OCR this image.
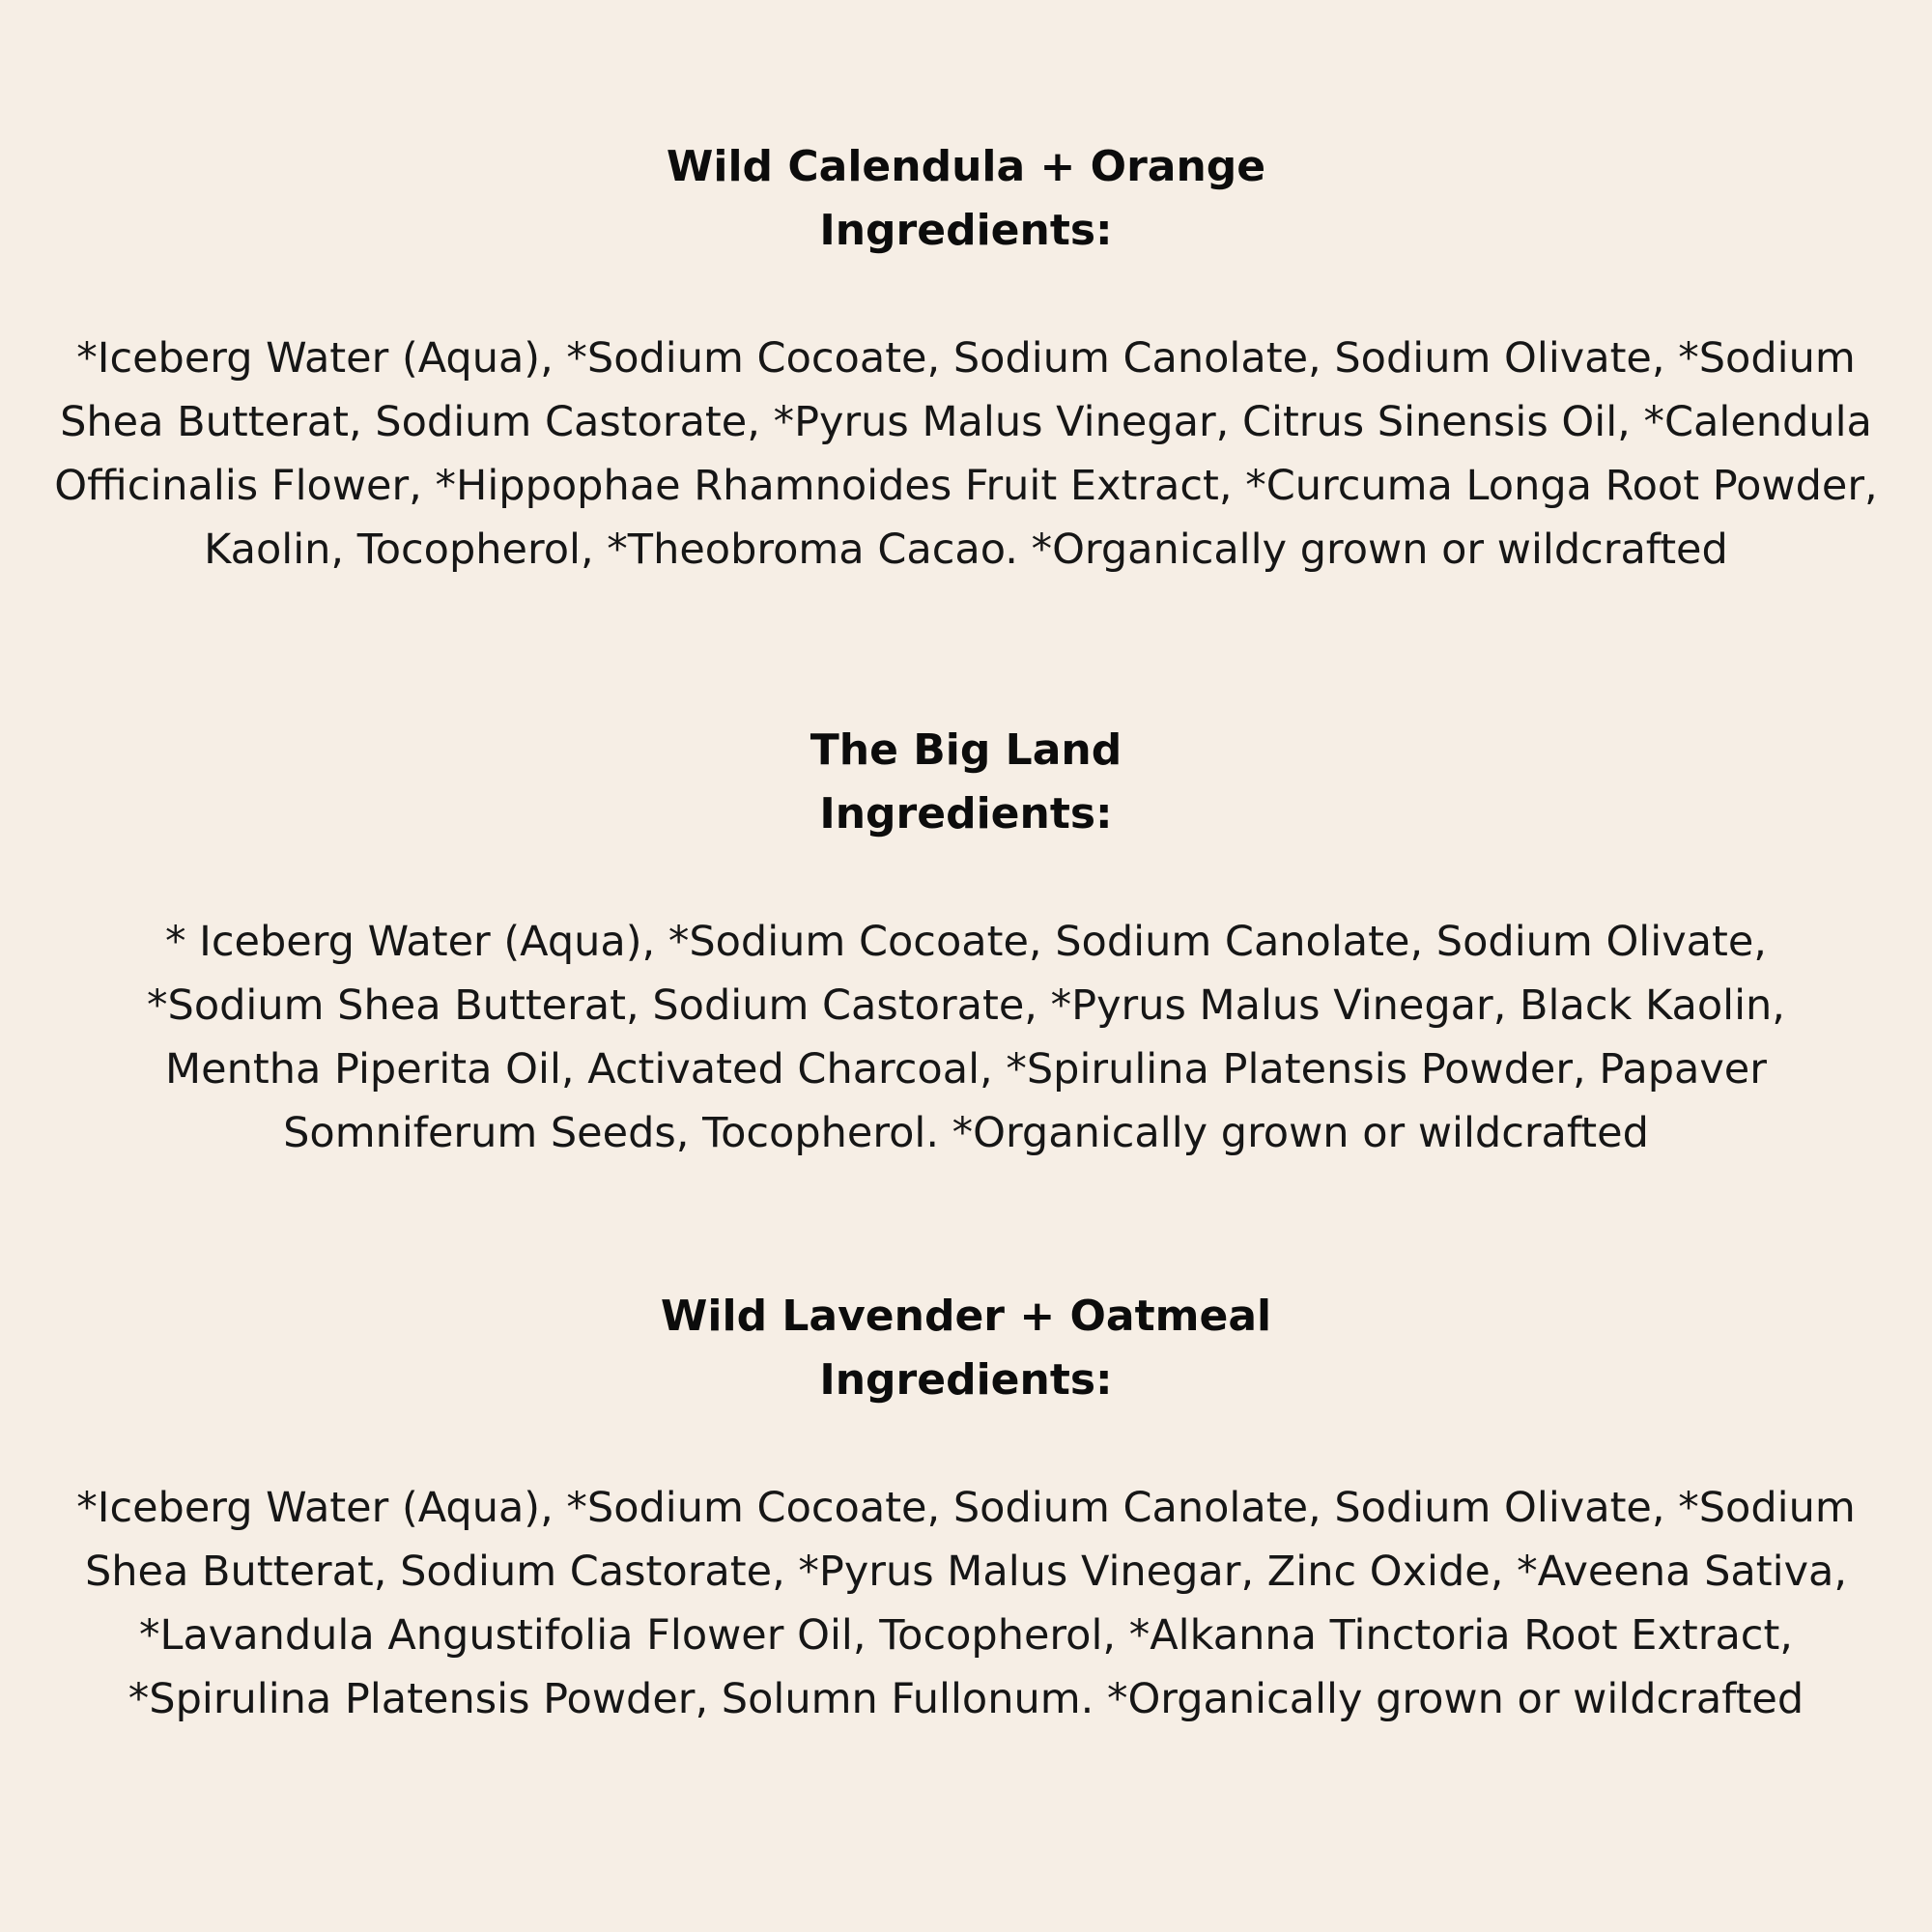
Wild Calendula + Orange
Ingredients:

*Iceberg Water (Aqua), *Sodium Cocoate, Sodium Canolate, Sodium Olivate, *Sodium Shea Butterat, Sodium Castorate, *Pyrus Malus Vinegar, Citrus Sinensis Oil, *Calendula Officinalis Flower, *Hippophae Rhamnoides Fruit Extract, *Curcuma Longa Root Powder, Kaolin, Tocopherol, *Theobroma Cacao. *Organically grown or wildcrafted

The Big Land
Ingredients:

* Iceberg Water (Aqua), *Sodium Cocoate, Sodium Canolate, Sodium Olivate, *Sodium Shea Butterat, Sodium Castorate, *Pyrus Malus Vinegar, Black Kaolin, Mentha Piperita Oil, Activated Charcoal, *Spirulina Platensis Powder, Papaver Somniferum Seeds, Tocopherol. *Organically grown or wildcrafted

Wild Lavender + Oatmeal
Ingredients:

*Iceberg Water (Aqua), *Sodium Cocoate, Sodium Canolate, Sodium Olivate, *Sodium Shea Butterat, Sodium Castorate, *Pyrus Malus Vinegar, Zinc Oxide, *Aveena Sativa, *Lavandula Angustifolia Flower Oil, Tocopherol, *Alkanna Tinctoria Root Extract, *Spirulina Platensis Powder, Solumn Fullonum. *Organically grown or wildcrafted
